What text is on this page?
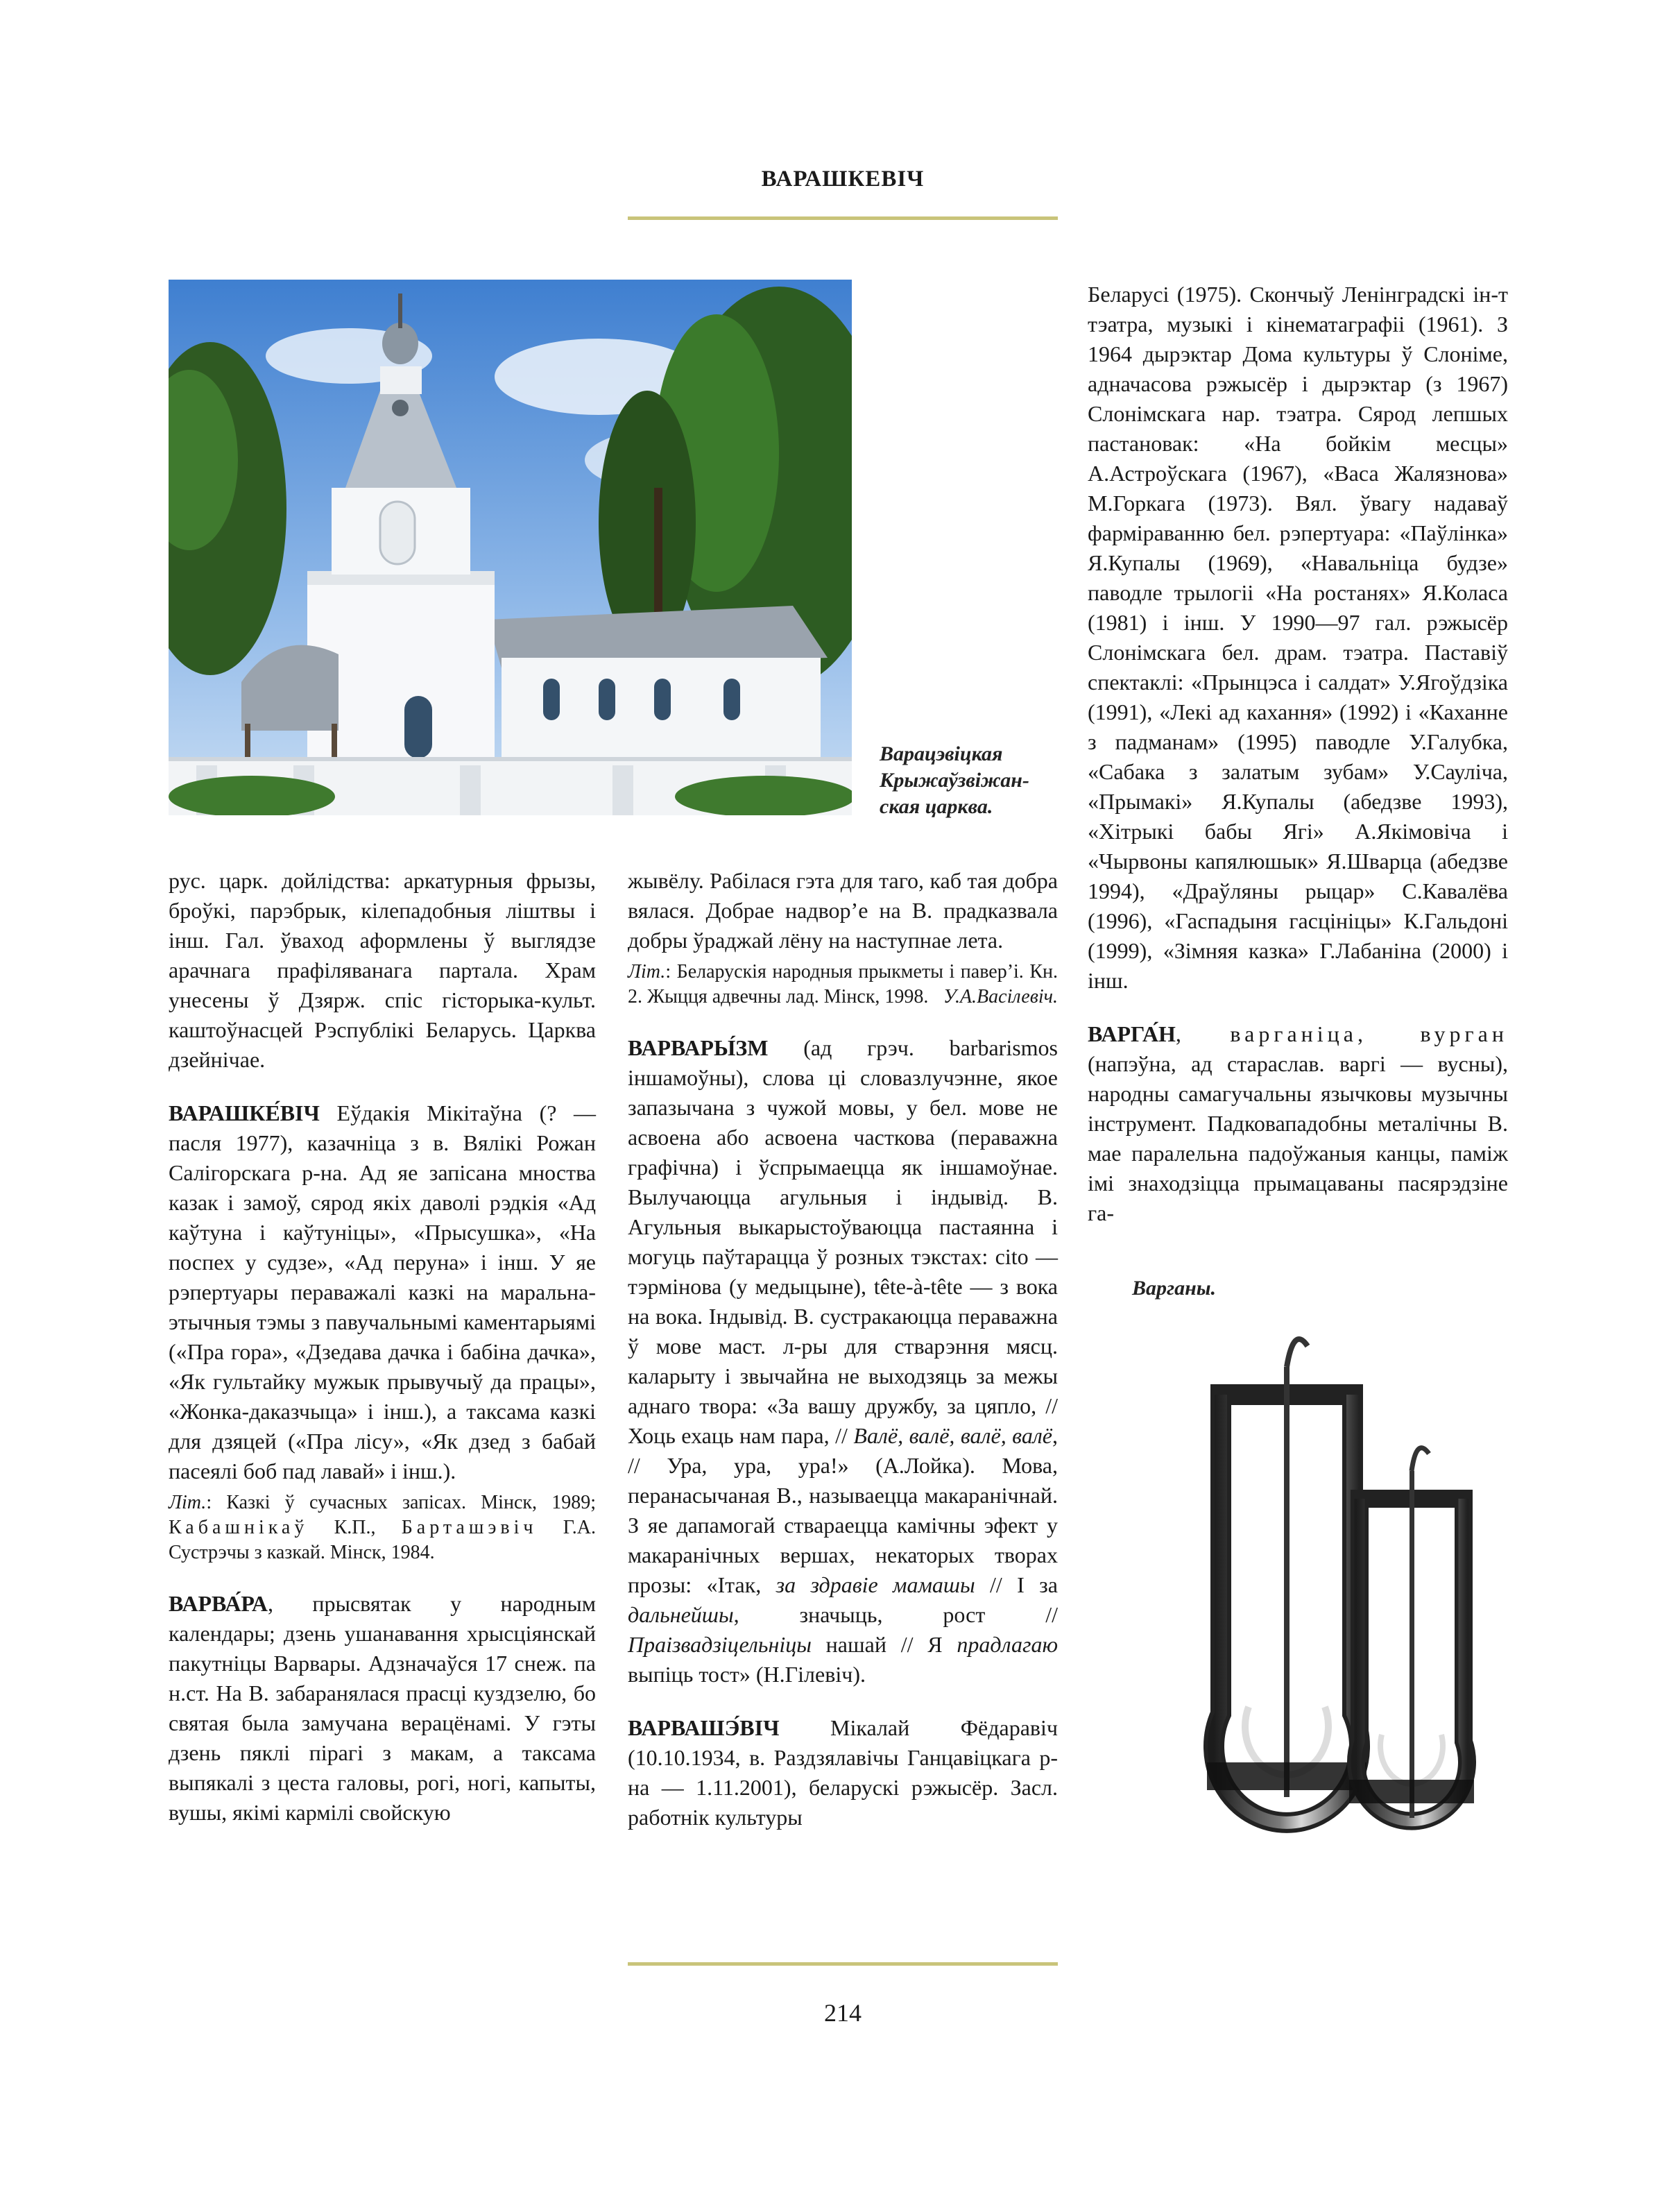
ВАРАШКЕВІЧ
Варацэвіцкая Крыжаўзвіжан-ская царква.

рус. царк. дойлідства: аркатурныя фрызы, броўкі, парэбрык, кілепадобныя ліштвы і інш. Гал. ўваход аформлены ў выглядзе арачнага прафіляванага партала. Храм унесены ў Дзярж. спіс гісторыка-культ. каштоўнасцей Рэспублікі Беларусь. Царква дзейнічае.

ВАРАШКЕ́ВІЧ Еўдакія Мікітаўна (? — пасля 1977), казачніца з в. Вялікі Рожан Салігорскага р-на. Ад яе запісана мноства казак і замоў, сярод якіх даволі рэдкія «Ад каўтуна і каўтуніцы», «Прысушка», «На поспех у судзе», «Ад перуна» і інш. У яе рэпертуары пераважалі казкі на маральна-этычныя тэмы з павучальнымі каментарыямі («Пра гора», «Дзедава дачка і бабіна дачка», «Як гультайку мужык прывучыў да працы», «Жонка-даказчыца» і інш.), а таксама казкі для дзяцей («Пра лісу», «Як дзед з бабай пасеялі боб пад лавай» і інш.).

Літ.: Казкі ў сучасных запісах. Мінск, 1989; Кабашнікаў К.П., Барташэвіч Г.А. Сустрэчы з казкай. Мінск, 1984.

ВАРВА́РА, прысвятак у народным календары; дзень ушанавання хрысціянскай пакутніцы Варвары. Адзначаўся 17 снеж. па н.ст. На В. забаранялася прасці куздзелю, бо святая была замучана верацёнамі. У гэты дзень пяклі пірагі з макам, а таксама выпякалі з цеста галовы, рогі, ногі, капыты, вушы, якімі кармілі свойскую

жывёлу. Рабілася гэта для таго, каб тая добра вялася. Добрае надвор’е на В. прадказвала добры ўраджай лёну на наступнае лета.

Літ.: Беларускія народныя прыкметы і павер’і. Кн. 2. Жыцця адвечны лад. Мінск, 1998. У.А.Васілевіч.

ВАРВАРЫ́ЗМ (ад грэч. barbarismos іншамоўны), слова ці словазлучэнне, якое запазычана з чужой мовы, у бел. мове не асвоена або асвоена часткова (пераважна графічна) і ўспрымаецца як іншамоўнае. Вылучаюцца агульныя і індывід. В. Агульныя выкарыстоўваюцца пастаянна і могуць паўтарацца ў розных тэкстах: cito — тэрмінова (у медыцыне), tête-à-tête — з вока на вока. Індывід. В. сустракаюцца пераважна ў мове маст. л-ры для стварэння мясц. каларыту і звычайна не выходзяць за межы аднаго твора: «За вашу дружбу, за цяпло, // Хоць ехаць нам пара, // Валё, валё, валё, валё, // Ура, ура, ура!» (А.Лойка). Мова, перанасычаная В., называецца макаранічнай. З яе дапамогай ствараецца камічны эфект у макаранічных вершах, некаторых творах прозы: «Ітак, за здравіе мамашы // І за дальнейшы, значыць, рост // Праізвадзіцельніцы нашай // Я прадлагаю выпіць тост» (Н.Гілевіч).

ВАРВАШЭ́ВІЧ Мікалай Фёдаравіч (10.10.1934, в. Раздзялавічы Ганцавіцкага р-на — 1.11.2001), беларускі рэжысёр. Засл. работнік культуры

Беларусі (1975). Скончыў Ленінградскі ін-т тэатра, музыкі і кінематаграфіі (1961). З 1964 дырэктар Дома культуры ў Слоніме, адначасова рэжысёр і дырэктар (з 1967) Слонімскага нар. тэатра. Сярод лепшых пастановак: «На бойкім месцы» А.Астроўскага (1967), «Васа Жалязнова» М.Горкага (1973). Вял. ўвагу надаваў фарміраванню бел. рэпертуара: «Паўлінка» Я.Купалы (1969), «Навальніца будзе» паводле трылогіі «На ростанях» Я.Коласа (1981) і інш. У 1990—97 гал. рэжысёр Слонімскага бел. драм. тэатра. Паставіў спектаклі: «Прынцэса і салдат» У.Ягоўдзіка (1991), «Лекі ад кахання» (1992) і «Каханне з падманам» (1995) паводле У.Галубка, «Сабака з залатым зубам» У.Сауліча, «Прымакі» Я.Купалы (абедзве 1993), «Хітрыкі бабы Ягі» А.Якімовіча і «Чырвоны капялюшык» Я.Шварца (абедзве 1994), «Драўляны рыцар» С.Кавалёва (1996), «Гаспадыня гасцініцы» К.Гальдоні (1999), «Зімняя казка» Г.Лабаніна (2000) і інш.

ВАРГА́Н, варганіца, вурган (напэўна, ад старaслав. варгі — вусны), народны самагучальны язычковы музычны інструмент. Падковападобны металічны В. мае паралельна падоўжаныя канцы, паміж імі знаходзіцца прымацаваны пасярэдзіне га-

Варганы.
214
